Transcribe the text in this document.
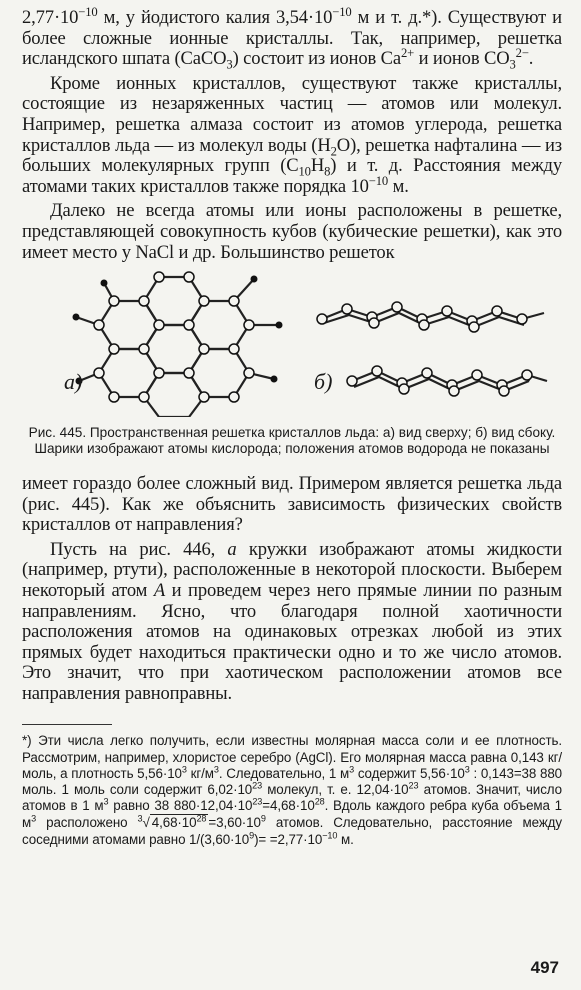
$2,77\cdot 10^{-10}$ м, у йодистого калия $3,54\cdot 10^{-10}$ м и т. д.*). Существуют и более сложные ионные кристаллы. Так, например, решетка исландского шпата (СаСО$_3$) состоит из ионов $Са^{2+}$ и ионов $СО_3^{2-}$.

Кроме ионных кристаллов, существуют также кристаллы, состоящие из незаряженных частиц — атомов или молекул. Например, решетка алмаза состоит из атомов углерода, решетка кристаллов льда — из молекул воды $(Н_2О)$, решетка нафталина — из больших молекулярных групп $(С_{10}Н_8)$ и т. д. Расстояния между атомами таких кристаллов также порядка $10^{-10}$ м.

Далеко не всегда атомы или ионы расположены в решетке, представляющей совокупность кубов (кубические решетки), как это имеет место у NaCl и др. Большинство решеток

а)	б)

Рис. 445. Пространственная решетка кристаллов льда: а) вид сверху; б) вид сбоку. Шарики изображают атомы кислорода; положения атомов водорода не показаны

имеет гораздо более сложный вид. Примером является решетка льда (рис. 445). Как же объяснить зависимость физических свойств кристаллов от направления?

Пусть на рис. 446, а кружки изображают атомы жидкости (например, ртути), расположенные в некоторой плоскости. Выберем некоторый атом А и проведем через него прямые линии по разным направлениям. Ясно, что благодаря полной хаотичности расположения атомов на одинаковых отрезках любой из этих прямых будет находиться практически одно и то же число атомов. Это значит, что при хаотическом расположении атомов все направления равноправны.

*) Эти числа легко получить, если известны молярная масса соли и ее плотность. Рассмотрим, например, хлористое серебро (AgCl). Его молярная масса равна 0,143 кг/моль, а плотность $5,56\cdot 10^3$ $кг/м^3$. Следовательно, 1 $м^3$ содержит $5,56\cdot 10^3$ : 0,143=38 880 моль. 1 моль соли содержит $6,02\cdot 10^{23}$ молекул, т. е. $12,04\cdot 10^{23}$ атомов. Значит, число атомов в 1 $м^3$ равно 38 $880\cdot 12,04\cdot 10^{23}=4,68\cdot 10^{28}$. Вдоль каждого ребра куба объема 1 $м^3$ расположено $^3$√ $4,68\cdot 10^{28} =3,60\cdot 10^9$ атомов. Следовательно, расстояние между соседними атомами равно $1/(3,60\cdot 10^9)= =2,77\cdot 10^{-10}$ м.

497
